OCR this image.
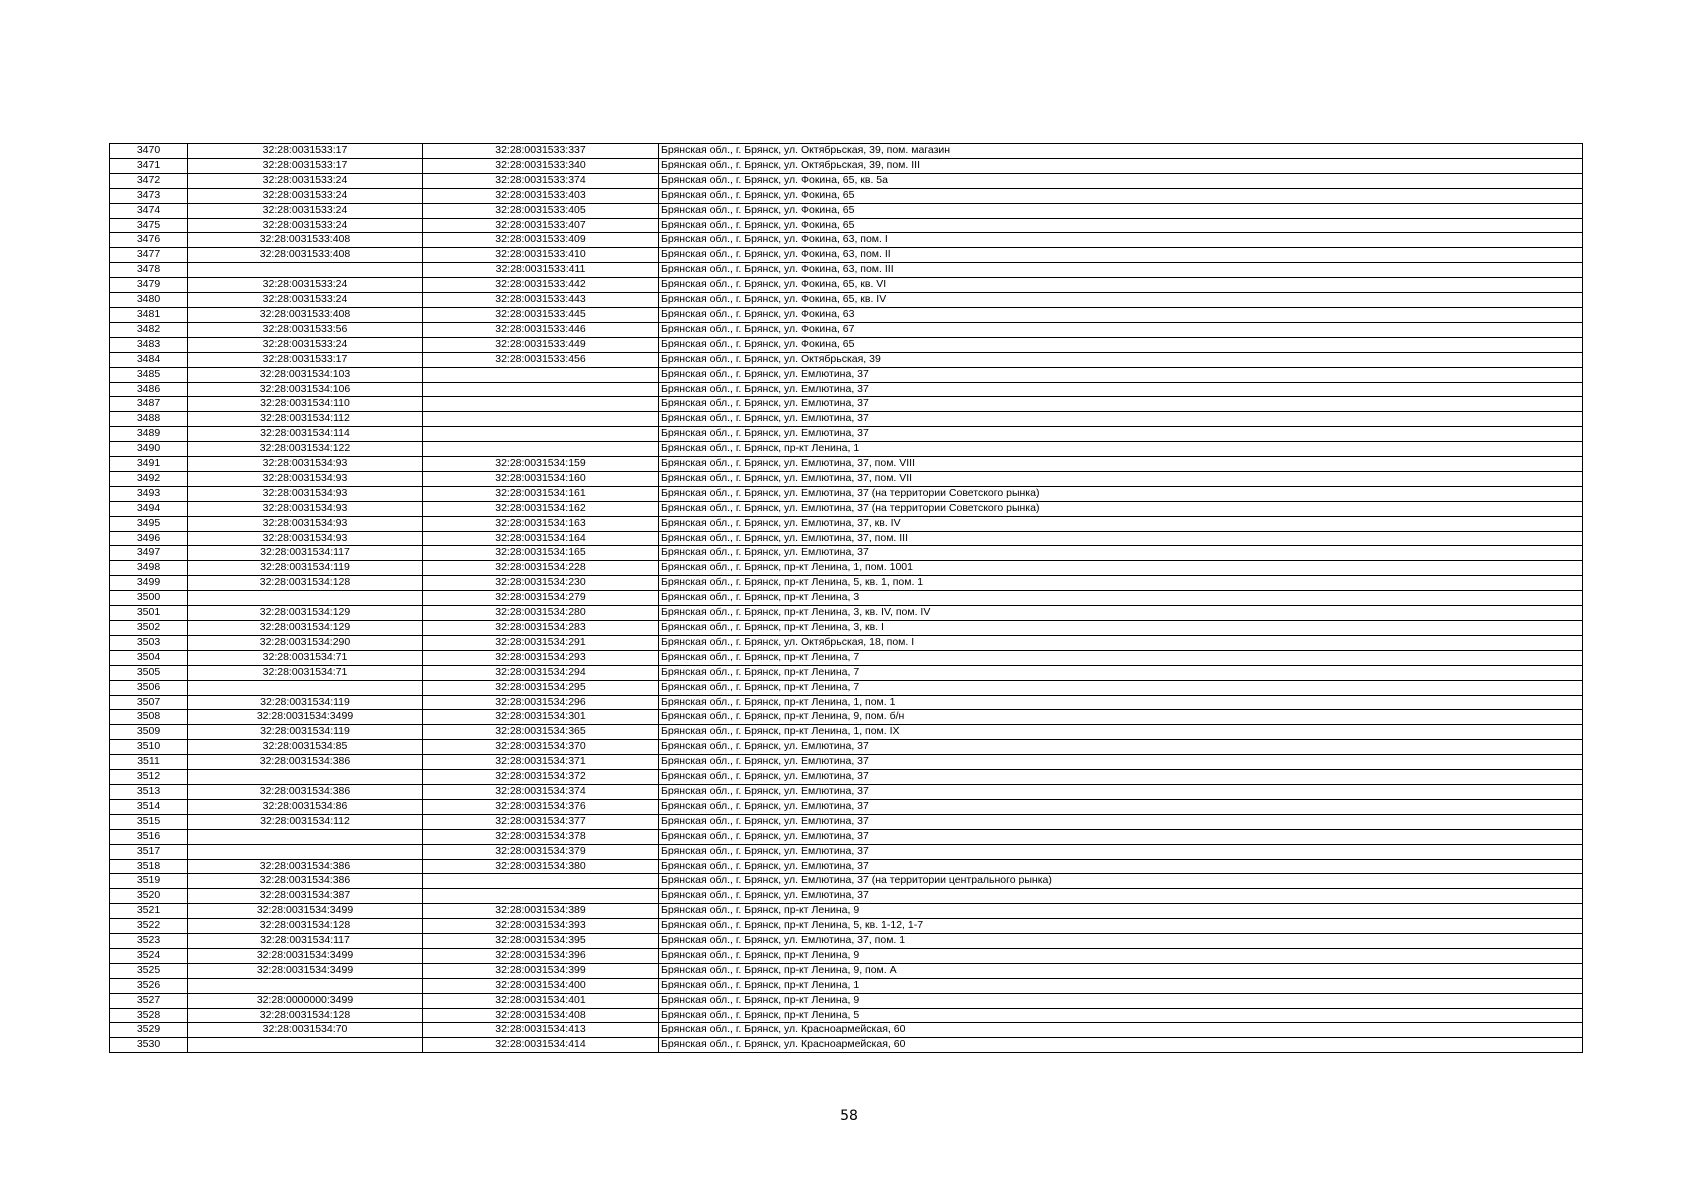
3470	32:28:0031533:17	32:28:0031533:337	Брянская обл., г. Брянск, ул. Октябрьская, 39, пом. магазин
3471	32:28:0031533:17	32:28:0031533:340	Брянская обл., г. Брянск, ул. Октябрьская, 39, пом. III
3472	32:28:0031533:24	32:28:0031533:374	Брянская обл., г. Брянск, ул. Фокина, 65, кв. 5а
3473	32:28:0031533:24	32:28:0031533:403	Брянская обл., г. Брянск, ул. Фокина, 65
3474	32:28:0031533:24	32:28:0031533:405	Брянская обл., г. Брянск, ул. Фокина, 65
3475	32:28:0031533:24	32:28:0031533:407	Брянская обл., г. Брянск, ул. Фокина, 65
3476	32:28:0031533:408	32:28:0031533:409	Брянская обл., г. Брянск, ул. Фокина, 63, пом. I
3477	32:28:0031533:408	32:28:0031533:410	Брянская обл., г. Брянск, ул. Фокина, 63, пом. II
3478		32:28:0031533:411	Брянская обл., г. Брянск, ул. Фокина, 63, пом. III
3479	32:28:0031533:24	32:28:0031533:442	Брянская обл., г. Брянск, ул. Фокина, 65, кв. VI
3480	32:28:0031533:24	32:28:0031533:443	Брянская обл., г. Брянск, ул. Фокина, 65, кв. IV
3481	32:28:0031533:408	32:28:0031533:445	Брянская обл., г. Брянск, ул. Фокина, 63
3482	32:28:0031533:56	32:28:0031533:446	Брянская обл., г. Брянск, ул. Фокина, 67
3483	32:28:0031533:24	32:28:0031533:449	Брянская обл., г. Брянск, ул. Фокина, 65
3484	32:28:0031533:17	32:28:0031533:456	Брянская обл., г. Брянск, ул. Октябрьская, 39
3485	32:28:0031534:103		Брянская обл., г. Брянск, ул. Емлютина, 37
3486	32:28:0031534:106		Брянская обл., г. Брянск, ул. Емлютина, 37
3487	32:28:0031534:110		Брянская обл., г. Брянск, ул. Емлютина, 37
3488	32:28:0031534:112		Брянская обл., г. Брянск, ул. Емлютина, 37
3489	32:28:0031534:114		Брянская обл., г. Брянск, ул. Емлютина, 37
3490	32:28:0031534:122		Брянская обл., г. Брянск, пр-кт Ленина, 1
3491	32:28:0031534:93	32:28:0031534:159	Брянская обл., г. Брянск, ул. Емлютина, 37, пом. VIII
3492	32:28:0031534:93	32:28:0031534:160	Брянская обл., г. Брянск, ул. Емлютина, 37, пом. VII
3493	32:28:0031534:93	32:28:0031534:161	Брянская обл., г. Брянск, ул. Емлютина, 37 (на территории Советского рынка)
3494	32:28:0031534:93	32:28:0031534:162	Брянская обл., г. Брянск, ул. Емлютина, 37 (на территории Советского рынка)
3495	32:28:0031534:93	32:28:0031534:163	Брянская обл., г. Брянск, ул. Емлютина, 37, кв. IV
3496	32:28:0031534:93	32:28:0031534:164	Брянская обл., г. Брянск, ул. Емлютина, 37, пом. III
3497	32:28:0031534:117	32:28:0031534:165	Брянская обл., г. Брянск, ул. Емлютина, 37
3498	32:28:0031534:119	32:28:0031534:228	Брянская обл., г. Брянск, пр-кт Ленина, 1, пом. 1001
3499	32:28:0031534:128	32:28:0031534:230	Брянская обл., г. Брянск, пр-кт Ленина, 5, кв. 1, пом. 1
3500		32:28:0031534:279	Брянская обл., г. Брянск, пр-кт Ленина, 3
3501	32:28:0031534:129	32:28:0031534:280	Брянская обл., г. Брянск, пр-кт Ленина, 3, кв. IV, пом. IV
3502	32:28:0031534:129	32:28:0031534:283	Брянская обл., г. Брянск, пр-кт Ленина, 3, кв. I
3503	32:28:0031534:290	32:28:0031534:291	Брянская обл., г. Брянск, ул. Октябрьская, 18, пом. I
3504	32:28:0031534:71	32:28:0031534:293	Брянская обл., г. Брянск, пр-кт Ленина, 7
3505	32:28:0031534:71	32:28:0031534:294	Брянская обл., г. Брянск, пр-кт Ленина, 7
3506		32:28:0031534:295	Брянская обл., г. Брянск, пр-кт Ленина, 7
3507	32:28:0031534:119	32:28:0031534:296	Брянская обл., г. Брянск, пр-кт Ленина, 1, пом. 1
3508	32:28:0031534:3499	32:28:0031534:301	Брянская обл., г. Брянск, пр-кт Ленина, 9, пом. б/н
3509	32:28:0031534:119	32:28:0031534:365	Брянская обл., г. Брянск, пр-кт Ленина, 1, пом. IX
3510	32:28:0031534:85	32:28:0031534:370	Брянская обл., г. Брянск, ул. Емлютина, 37
3511	32:28:0031534:386	32:28:0031534:371	Брянская обл., г. Брянск, ул. Емлютина, 37
3512		32:28:0031534:372	Брянская обл., г. Брянск, ул. Емлютина, 37
3513	32:28:0031534:386	32:28:0031534:374	Брянская обл., г. Брянск, ул. Емлютина, 37
3514	32:28:0031534:86	32:28:0031534:376	Брянская обл., г. Брянск, ул. Емлютина, 37
3515	32:28:0031534:112	32:28:0031534:377	Брянская обл., г. Брянск, ул. Емлютина, 37
3516		32:28:0031534:378	Брянская обл., г. Брянск, ул. Емлютина, 37
3517		32:28:0031534:379	Брянская обл., г. Брянск, ул. Емлютина, 37
3518	32:28:0031534:386	32:28:0031534:380	Брянская обл., г. Брянск, ул. Емлютина, 37
3519	32:28:0031534:386		Брянская обл., г. Брянск, ул. Емлютина, 37 (на территории центрального рынка)
3520	32:28:0031534:387		Брянская обл., г. Брянск, ул. Емлютина, 37
3521	32:28:0031534:3499	32:28:0031534:389	Брянская обл., г. Брянск, пр-кт Ленина, 9
3522	32:28:0031534:128	32:28:0031534:393	Брянская обл., г. Брянск, пр-кт Ленина, 5, кв. 1-12, 1-7
3523	32:28:0031534:117	32:28:0031534:395	Брянская обл., г. Брянск, ул. Емлютина, 37, пом. 1
3524	32:28:0031534:3499	32:28:0031534:396	Брянская обл., г. Брянск, пр-кт Ленина, 9
3525	32:28:0031534:3499	32:28:0031534:399	Брянская обл., г. Брянск, пр-кт Ленина, 9, пом. А
3526		32:28:0031534:400	Брянская обл., г. Брянск, пр-кт Ленина, 1
3527	32:28:0000000:3499	32:28:0031534:401	Брянская обл., г. Брянск, пр-кт Ленина, 9
3528	32:28:0031534:128	32:28:0031534:408	Брянская обл., г. Брянск, пр-кт Ленина, 5
3529	32:28:0031534:70	32:28:0031534:413	Брянская обл., г. Брянск, ул. Красноармейская, 60
3530		32:28:0031534:414	Брянская обл., г. Брянск, ул. Красноармейская, 60
58
